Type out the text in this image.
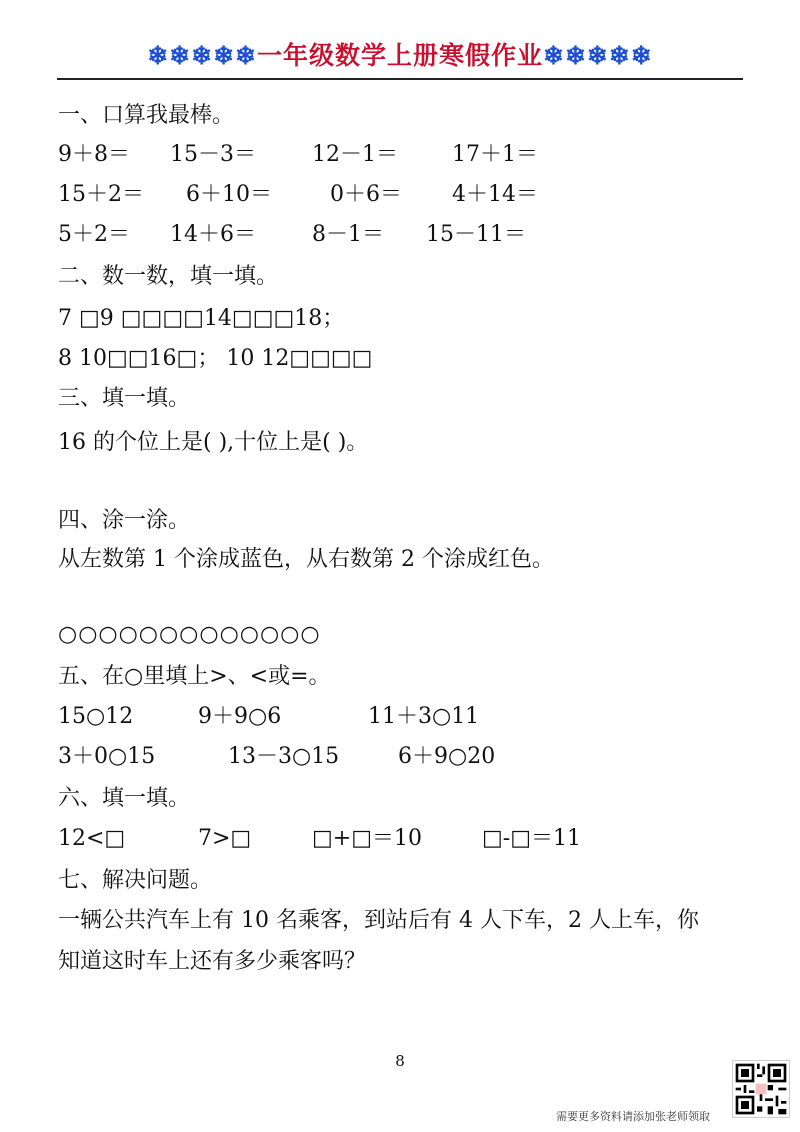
❄❄❄❄❄一年级数学上册寒假作业❄❄❄❄❄
一、口算我最棒。
9＋8＝ 15－3＝	12－1＝ 17＋1＝
15＋2＝ 6＋10＝	0＋6＝ 4＋14＝
5＋2＝ 14＋6＝	8－1＝ 15－11＝
二、数一数，填一填。
7 □9 □□□□14□□□18；
8 10□□16□； 10 12□□□□
三、填一填。
16 的个位上是( ),十位上是( )。
四、涂一涂。
从左数第 1 个涂成蓝色，从右数第 2 个涂成红色。
○○○○○○○○○○○○○
五、在○里填上>、<或=。
15○12	9＋9○6	11＋3○11
3＋0○15	13－3○15	6＋9○20
六、填一填。
12<□	7>□	□+□＝10	□-□＝11
七、解决问题。
一辆公共汽车上有 10 名乘客，到站后有 4 人下车，2 人上车，你
知道这时车上还有多少乘客吗？
8
需要更多资料请添加张老师领取
